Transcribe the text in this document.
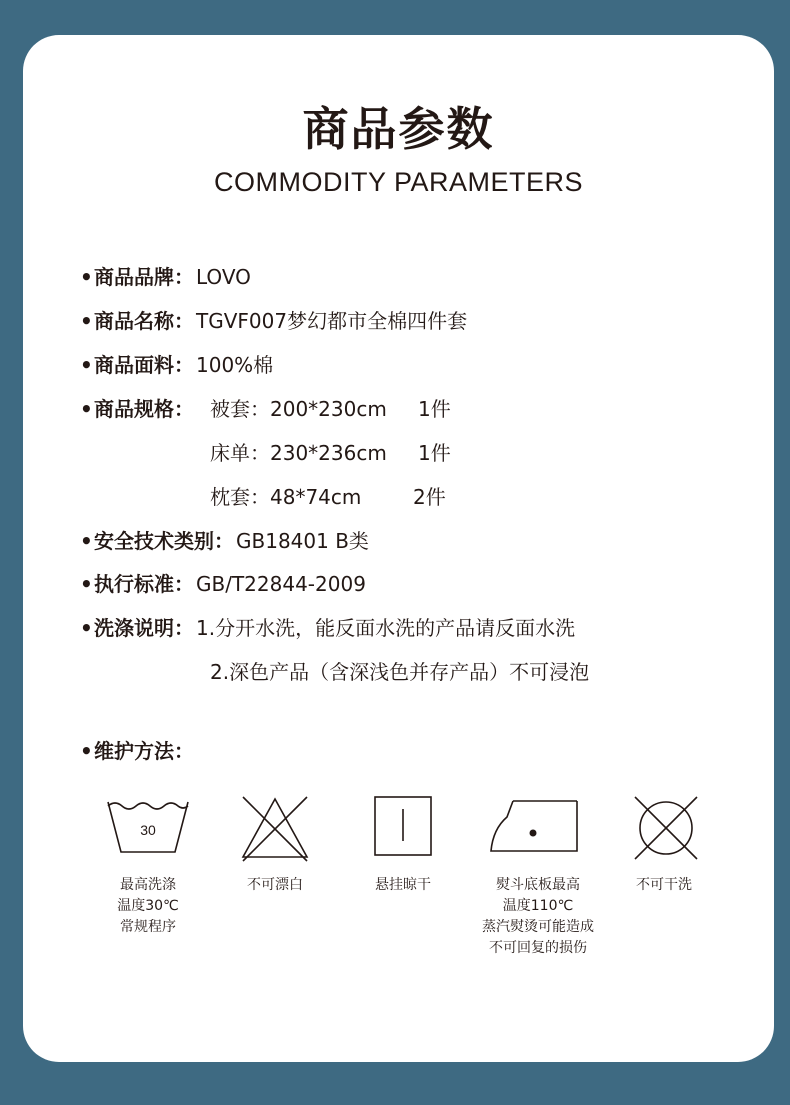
商品参数
COMMODITY PARAMETERS
• 商品品牌： LOVO
• 商品名称： TGVF007梦幻都市全棉四件套
• 商品面料： 100%棉
• 商品规格： 被套：200*230cm 1件
床单：230*236cm 1件
枕套：48*74cm	2件
• 安全技术类别： GB18401 B类
• 执行标准： GB/T22844-2009
• 洗涤说明： 1.分开水洗，能反面水洗的产品请反面水洗
2.深色产品（含深浅色并存产品）不可浸泡
• 维护方法：
30
最高洗涤
温度30℃
常规程序
不可漂白	悬挂晾干	熨斗底板最高
温度110℃
蒸汽熨烫可能造成
不可回复的损伤
不可干洗
